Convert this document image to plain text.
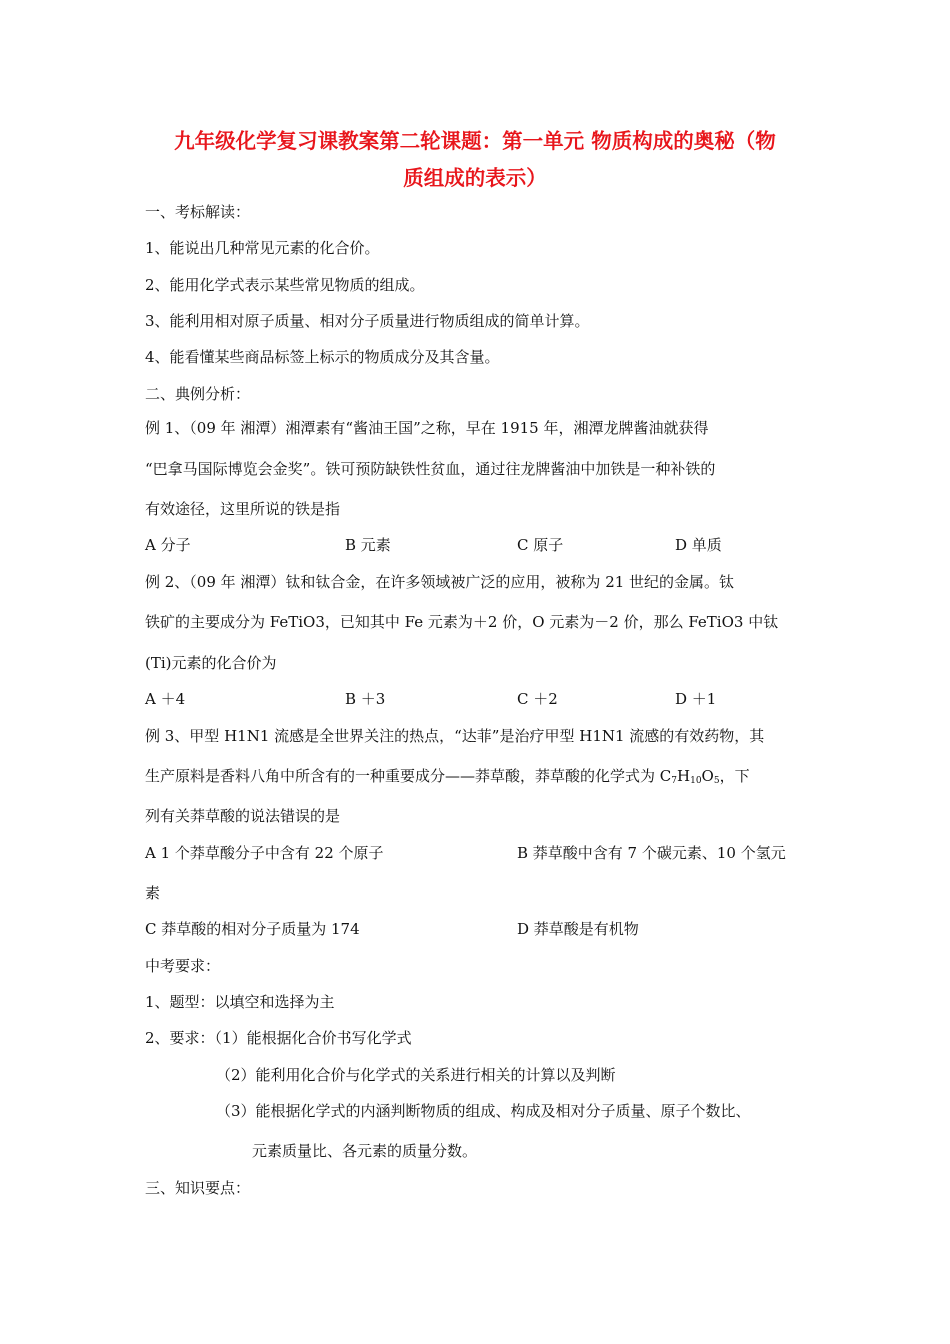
九年级化学复习课教案第二轮课题：第一单元 物质构成的奥秘（物
质组成的表示）

一、考标解读：

1、能说出几种常见元素的化合价。

2、能用化学式表示某些常见物质的组成。

3、能利用相对原子质量、相对分子质量进行物质组成的简单计算。

4、能看懂某些商品标签上标示的物质成分及其含量。

二、典例分析：

例 1、（09 年 湘潭）湘潭素有“酱油王国”之称，早在 1915 年，湘潭龙牌酱油就获得

“巴拿马国际博览会金奖”。铁可预防缺铁性贫血，通过往龙牌酱油中加铁是一种补铁的

有效途径，这里所说的铁是指

A 分子	B 元素	C 原子	D 单质

例 2、（09 年 湘潭）钛和钛合金，在许多领域被广泛的应用，被称为 21 世纪的金属。钛

铁矿的主要成分为 FeTiO3，已知其中 Fe 元素为＋2 价，O 元素为－2 价，那么 FeTiO3 中钛

(Ti)元素的化合价为

A ＋4	B ＋3	C ＋2	D ＋1

例 3、甲型 H1N1 流感是全世界关注的热点，“达菲”是治疗甲型 H1N1 流感的有效药物，其

生产原料是香料八角中所含有的一种重要成分——莽草酸，莽草酸的化学式为 $C_7H_{10}O_5$，下

列有关莽草酸的说法错误的是

A 1 个莽草酸分子中含有 22 个原子	B 莽草酸中含有 7 个碳元素、10 个氢元
素
C 莽草酸的相对分子质量为 174	D 莽草酸是有机物

中考要求：

1、题型：以填空和选择为主

2、要求：（1）能根据化合价书写化学式

（2）能利用化合价与化学式的关系进行相关的计算以及判断

（3）能根据化学式的内涵判断物质的组成、构成及相对分子质量、原子个数比、

元素质量比、各元素的质量分数。

三、知识要点：
